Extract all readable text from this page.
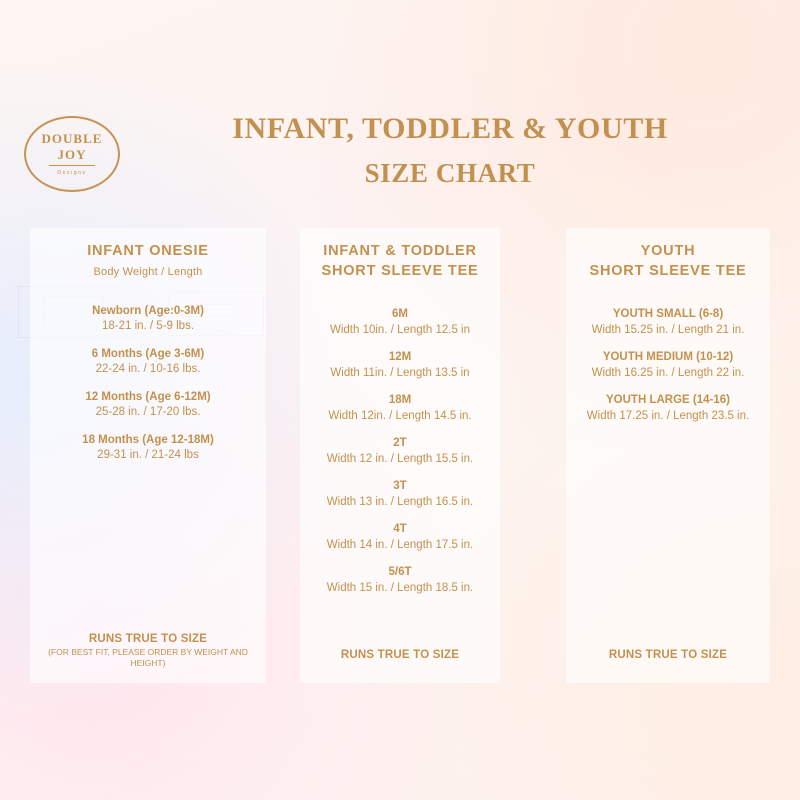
DOUBLE
JOY
Designs
INFANT, TODDLER & YOUTH
SIZE CHART
INFANT ONESIE
Body Weight / Length
Newborn (Age:0-3M)
18-21 in. / 5-9 lbs.
6 Months (Age 3-6M)
22-24 in. / 10-16 lbs.
12 Months (Age 6-12M)
25-28 in. / 17-20 lbs.
18 Months (Age 12-18M)
29-31 in. / 21-24 lbs
RUNS TRUE TO SIZE
(FOR BEST FIT, PLEASE ORDER BY WEIGHT AND HEIGHT)
INFANT & TODDLER
SHORT SLEEVE TEE
6M
Width 10in. / Length 12.5 in
12M
Width 11in. / Length 13.5 in
18M
Width 12in. / Length 14.5 in.
2T
Width 12 in. / Length 15.5 in.
3T
Width 13 in. / Length 16.5 in.
4T
Width 14 in. / Length 17.5 in.
5/6T
Width 15 in. / Length 18.5 in.
RUNS TRUE TO SIZE
YOUTH
SHORT SLEEVE TEE
YOUTH SMALL (6-8)
Width 15.25 in. / Length 21 in.
YOUTH MEDIUM (10-12)
Width 16.25 in. / Length 22 in.
YOUTH LARGE (14-16)
Width 17.25 in. / Length 23.5 in.
RUNS TRUE TO SIZE
